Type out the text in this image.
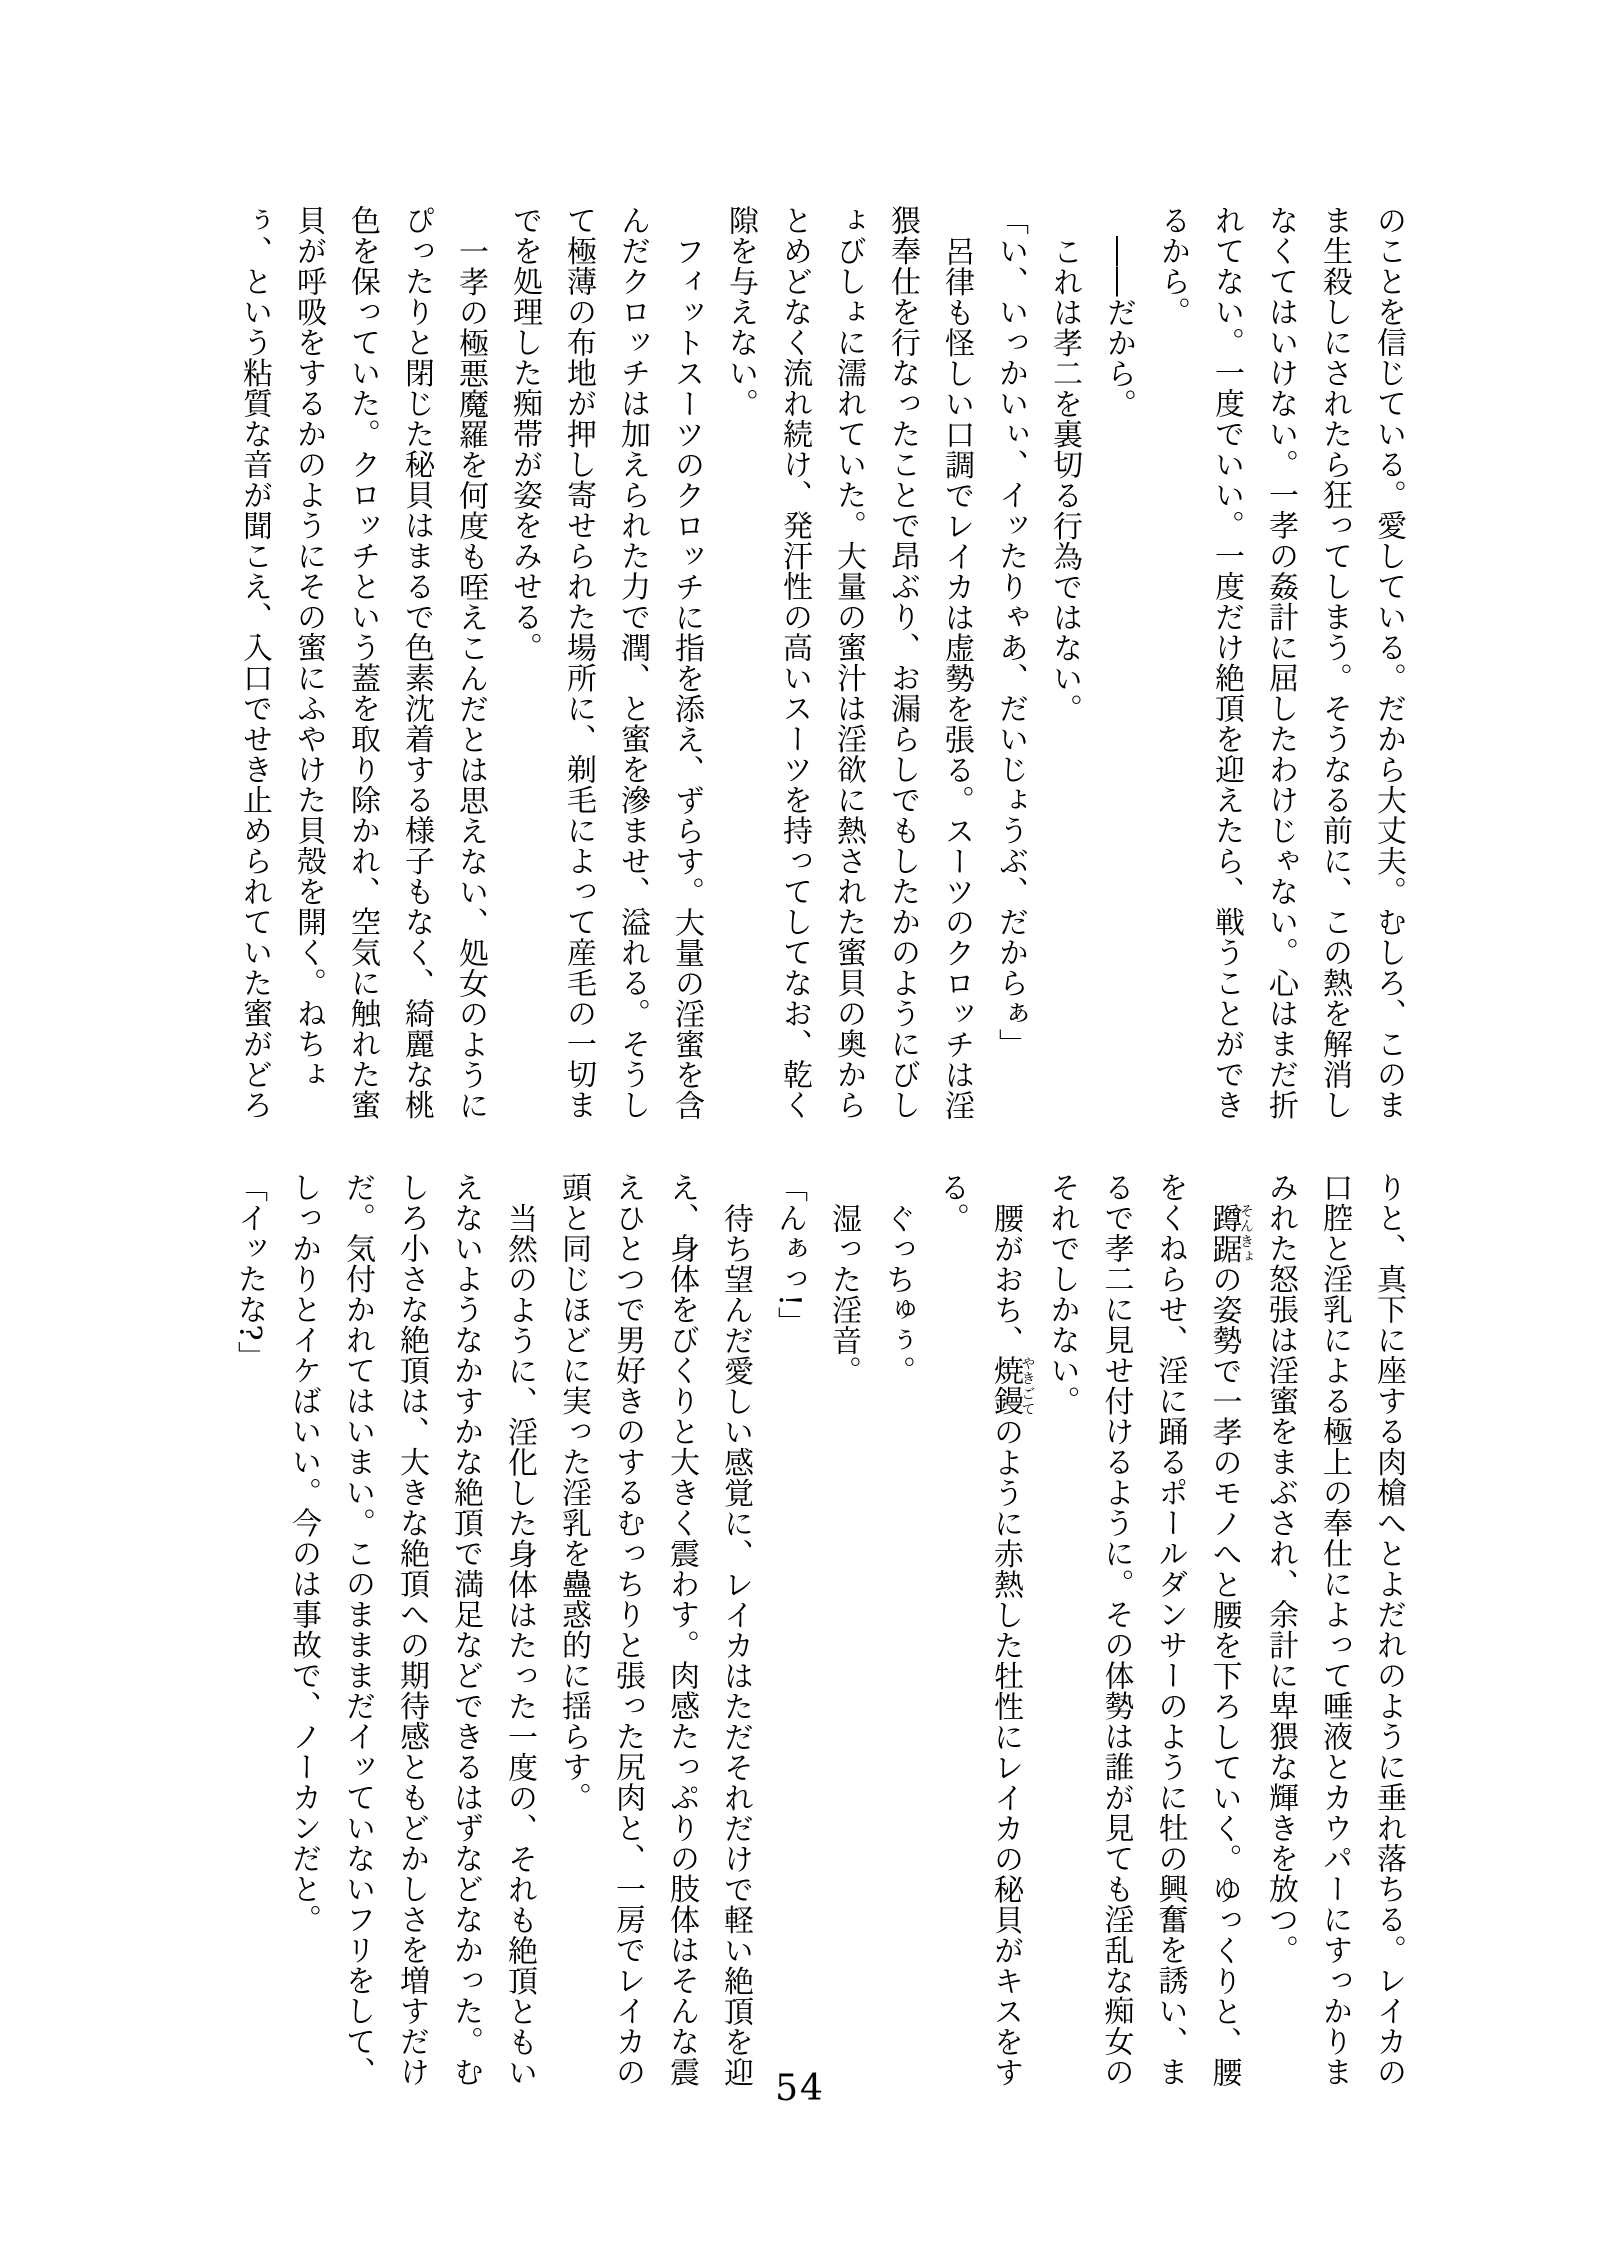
のことを信じている。愛している。だから大丈夫。むしろ、このまま生殺しにされたら狂ってしまう。そうなる前に、この熱を解消しなくてはいけない。一孝の姦計に屈したわけじゃない。心はまだ折れてない。一度でいい。一度だけ絶頂を迎えたら、戦うことができるから。

――だから。

これは孝二を裏切る行為ではない。

「い、いっかいぃ、イッたりゃあ、だいじょうぶ、だからぁ」

呂律も怪しい口調でレイカは虚勢を張る。スーツのクロッチは淫猥奉仕を行なったことで昂ぶり、お漏らしでもしたかのようにびしょびしょに濡れていた。大量の蜜汁は淫欲に熱された蜜貝の奥からとめどなく流れ続け、発汗性の高いスーツを持ってしてなお、乾く隙を与えない。

フィットスーツのクロッチに指を添え、ずらす。大量の淫蜜を含んだクロッチは加えられた力で潤、と蜜を滲ませ、溢れる。そうして極薄の布地が押し寄せられた場所に、剃毛によって産毛の一切までを処理した痴帯が姿をみせる。

一孝の極悪魔羅を何度も咥えこんだとは思えない、処女のようにぴったりと閉じた秘貝はまるで色素沈着する様子もなく、綺麗な桃色を保っていた。クロッチという蓋を取り除かれ、空気に触れた蜜貝が呼吸をするかのようにその蜜にふやけた貝殻を開く。ねちょぅ、という粘質な音が聞こえ、入口でせき止められていた蜜がどろ

りと、真下に座する肉槍へとよだれのように垂れ落ちる。レイカの口腔と淫乳による極上の奉仕によって唾液とカウパーにすっかりまみれた怒張は淫蜜をまぶされ、余計に卑猥な輝きを放つ。

蹲踞そんきょの姿勢で一孝のモノへと腰を下ろしていく。ゆっくりと、腰をくねらせ、淫に踊るポールダンサーのように牡の興奮を誘い、まるで孝二に見せ付けるように。その体勢は誰が見ても淫乱な痴女のそれでしかない。

腰がおち、焼鏝やきごてのように赤熱した牡性にレイカの秘貝がキスをする。

ぐっちゅぅ。

湿った淫音。

「んぁっ!」

待ち望んだ愛しい感覚に、レイカはただそれだけで軽い絶頂を迎え、身体をびくりと大きく震わす。肉感たっぷりの肢体はそんな震えひとつで男好きのするむっちりと張った尻肉と、一房でレイカの頭と同じほどに実った淫乳を蠱惑的に揺らす。

当然のように、淫化した身体はたった一度の、それも絶頂ともいえないようなかすかな絶頂で満足などできるはずなどなかった。むしろ小さな絶頂は、大きな絶頂への期待感ともどかしさを増すだけだ。気付かれてはいまい。このまままだイッていないフリをして、しっかりとイケばいい。今のは事故で、ノーカンだと。

「イッたな?」

54
